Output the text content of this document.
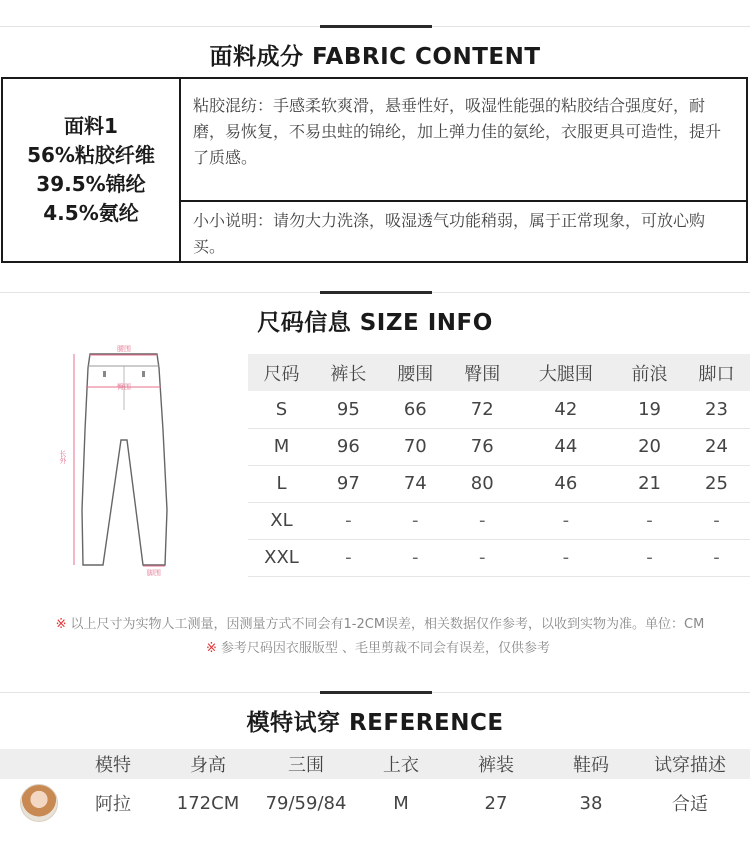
面料成分 FABRIC CONTENT
面料1
56%粘胶纤维
39.5%锦纶
4.5%氨纶
粘胶混纺：手感柔软爽滑，悬垂性好，吸湿性能强的粘胶结合强度好，耐磨，易恢复，不易虫蛀的锦纶，加上弹力佳的氨纶，衣服更具可造性，提升了质感。
小小说明：请勿大力洗涤，吸湿透气功能稍弱，属于正常现象，可放心购买。
尺码信息 SIZE INFO
腰围
臀围
长外
脚围
尺码	裤长	腰围	臀围	大腿围	前浪	脚口
S	95	66	72	42	19	23
M	96	70	76	44	20	24
L	97	74	80	46	21	25
XL	-	-	-	-	-	-
XXL	-	-	-	-	-	-
※ 以上尺寸为实物人工测量，因测量方式不同会有1-2CM误差，相关数据仅作参考，以收到实物为准。单位：CM
※ 参考尺码因衣服版型 、毛里剪裁不同会有误差，仅供参考
模特试穿 REFERENCE
模特	身高	三围	上衣	裤装	鞋码	试穿描述
阿拉	172CM	79/59/84	M	27	38	合适
